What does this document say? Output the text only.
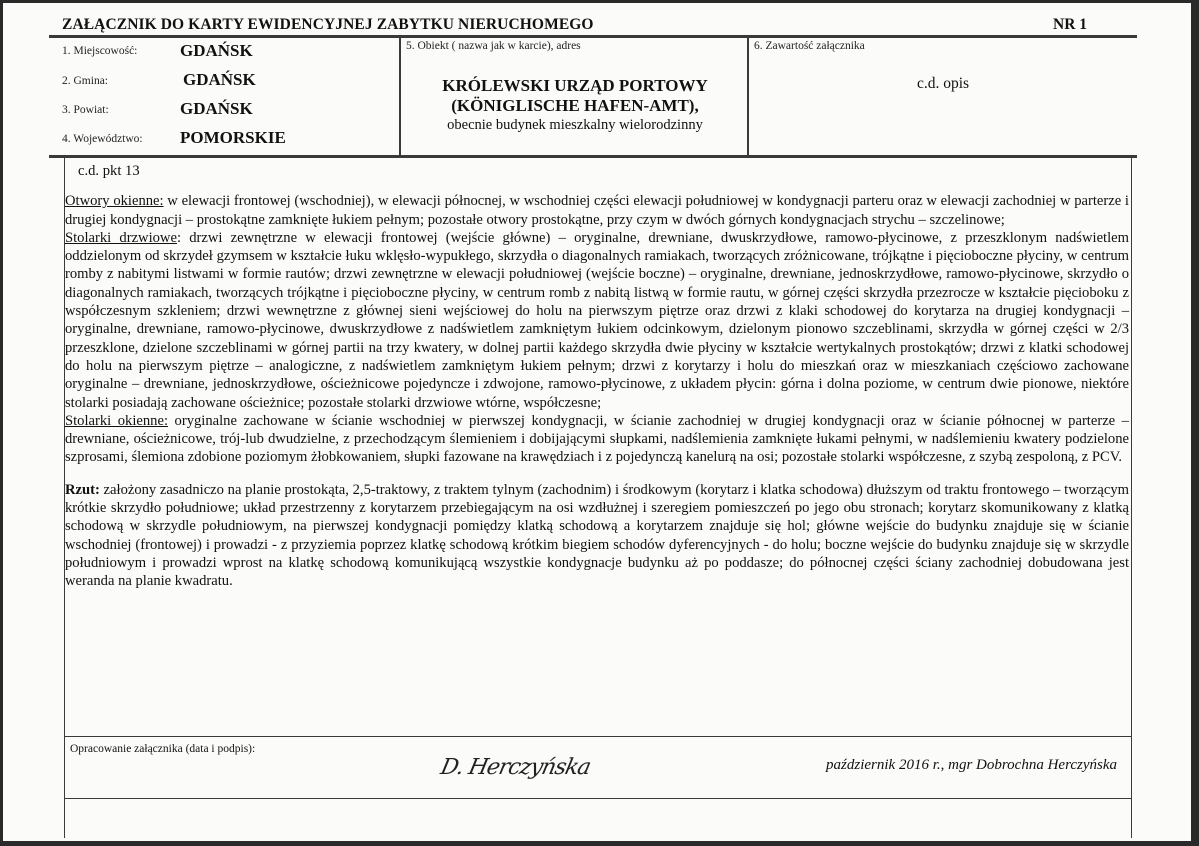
ZAŁĄCZNIK DO KARTY EWIDENCYJNEJ ZABYTKU NIERUCHOMEGO	NR 1
1. Miejscowość:	GDAŃSK
2. Gmina:	GDAŃSK
3. Powiat:	GDAŃSK
4. Województwo: POMORSKIE
5. Obiekt ( nazwa jak w karcie), adres
KRÓLEWSKI URZĄD PORTOWY
(KÖNIGLISCHE HAFEN-AMT),
obecnie budynek mieszkalny wielorodzinny
6. Zawartość załącznika
c.d. opis

c.d. pkt 13

Otwory okienne: w elewacji frontowej (wschodniej), w elewacji północnej, w wschodniej części elewacji południowej w kondygnacji parteru oraz w elewacji zachodniej w parterze i drugiej kondygnacji – prostokątne zamknięte łukiem pełnym; pozostałe otwory prostokątne, przy czym w dwóch górnych kondygnacjach strychu – szczelinowe;

Stolarki drzwiowe: drzwi zewnętrzne w elewacji frontowej (wejście główne) – oryginalne, drewniane, dwuskrzydłowe, ramowo-płycinowe, z przeszklonym nadświetlem oddzielonym od skrzydeł gzymsem w kształcie łuku wklęsło-wypukłego, skrzydła o diagonalnych ramiakach, tworzących zróżnicowane, trójkątne i pięcioboczne płyciny, w centrum romby z nabitymi listwami w formie rautów; drzwi zewnętrzne w elewacji południowej (wejście boczne) – oryginalne, drewniane, jednoskrzydłowe, ramowo-płycinowe, skrzydło o diagonalnych ramiakach, tworzących trójkątne i pięcioboczne płyciny, w centrum romb z nabitą listwą w formie rautu, w górnej części skrzydła przezrocze w kształcie pięcioboku z współczesnym szkleniem; drzwi wewnętrzne z głównej sieni wejściowej do holu na pierwszym piętrze oraz drzwi z klaki schodowej do korytarza na drugiej kondygnacji – oryginalne, drewniane, ramowo-płycinowe, dwuskrzydłowe z nadświetlem zamkniętym łukiem odcinkowym, dzielonym pionowo szczeblinami, skrzydła w górnej części w 2/3 przeszklone, dzielone szczeblinami w górnej partii na trzy kwatery, w dolnej partii każdego skrzydła dwie płyciny w kształcie wertykalnych prostokątów; drzwi z klatki schodowej do holu na pierwszym piętrze – analogiczne, z nadświetlem zamkniętym łukiem pełnym; drzwi z korytarzy i holu do mieszkań oraz w mieszkaniach częściowo zachowane oryginalne – drewniane, jednoskrzydłowe, ościeżnicowe pojedyncze i zdwojone, ramowo-płycinowe, z układem płycin: górna i dolna poziome, w centrum dwie pionowe, niektóre stolarki posiadają zachowane ościeżnice; pozostałe stolarki drzwiowe wtórne, współczesne;

Stolarki okienne: oryginalne zachowane w ścianie wschodniej w pierwszej kondygnacji, w ścianie zachodniej w drugiej kondygnacji oraz w ścianie północnej w parterze – drewniane, ościeżnicowe, trój-lub dwudzielne, z przechodzącym ślemieniem i dobijającymi słupkami, nadślemienia zamknięte łukami pełnymi, w nadślemieniu kwatery podzielone szprosami, ślemiona zdobione poziomym żłobkowaniem, słupki fazowane na krawędziach i z pojedynczą kanelurą na osi; pozostałe stolarki współczesne, z szybą zespoloną, z PCV.

Rzut: założony zasadniczo na planie prostokąta, 2,5-traktowy, z traktem tylnym (zachodnim) i środkowym (korytarz i klatka schodowa) dłuższym od traktu frontowego – tworzącym krótkie skrzydło południowe; układ przestrzenny z korytarzem przebiegającym na osi wzdłużnej i szeregiem pomieszczeń po jego obu stronach; korytarz skomunikowany z klatką schodową w skrzydle południowym, na pierwszej kondygnacji pomiędzy klatką schodową a korytarzem znajduje się hol; główne wejście do budynku znajduje się w ścianie wschodniej (frontowej) i prowadzi - z przyziemia poprzez klatkę schodową krótkim biegiem schodów dyferencyjnych - do holu; boczne wejście do budynku znajduje się w skrzydle południowym i prowadzi wprost na klatkę schodową komunikującą wszystkie kondygnacje budynku aż po poddasze; do północnej części ściany zachodniej dobudowana jest weranda na planie kwadratu.

Opracowanie załącznika (data i podpis):
D. Herczyńska	październik 2016 r., mgr Dobrochna Herczyńska
